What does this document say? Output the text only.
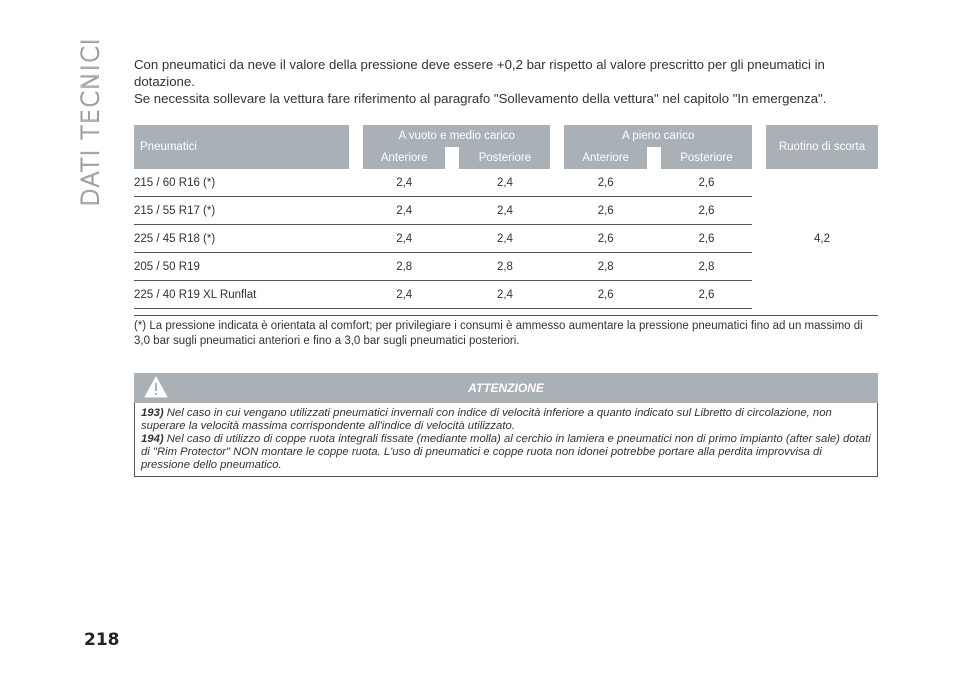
DATI TECNICI Con pneumatici da neve il valore della pressione deve essere +0,2 bar rispetto al valore prescritto per gli pneumatici in dotazione.

Se necessita sollevare la vettura fare riferimento al paragrafo "Sollevamento della vettura" nel capitolo "In emergenza".

Pneumatici		A vuoto e medio carico				A pieno carico				Ruotino di scorta
		Anteriore		Posteriore		Anteriore		Posteriore		
215 / 60 R16 (*)		2,4		2,4		2,6		2,6		4,2
215 / 55 R17 (*)		2,4		2,4		2,6		2,6		
225 / 45 R18 (*)		2,4		2,4		2,6		2,6		
205 / 50 R19		2,8		2,8		2,8		2,8		
225 / 40 R19 XL Runflat		2,4		2,4		2,6		2,6		
(*) La pressione indicata è orientata al comfort; per privilegiare i consumi è ammesso aumentare la pressione pneumatici fino ad un massimo di 3,0 bar sugli pneumatici anteriori e fino a 3,0 bar sugli pneumatici posteriori.
ATTENZIONE

193) Nel caso in cui vengano utilizzati pneumatici invernali con indice di velocità inferiore a quanto indicato sul Libretto di circolazione, non superare la velocità massima corrispondente all'indice di velocità utilizzato.

194) Nel caso di utilizzo di coppe ruota integrali fissate (mediante molla) al cerchio in lamiera e pneumatici non di primo impianto (after sale) dotati di "Rim Protector" NON montare le coppe ruota. L'uso di pneumatici e coppe ruota non idonei potrebbe portare alla perdita improvvisa di pressione dello pneumatico.

218
